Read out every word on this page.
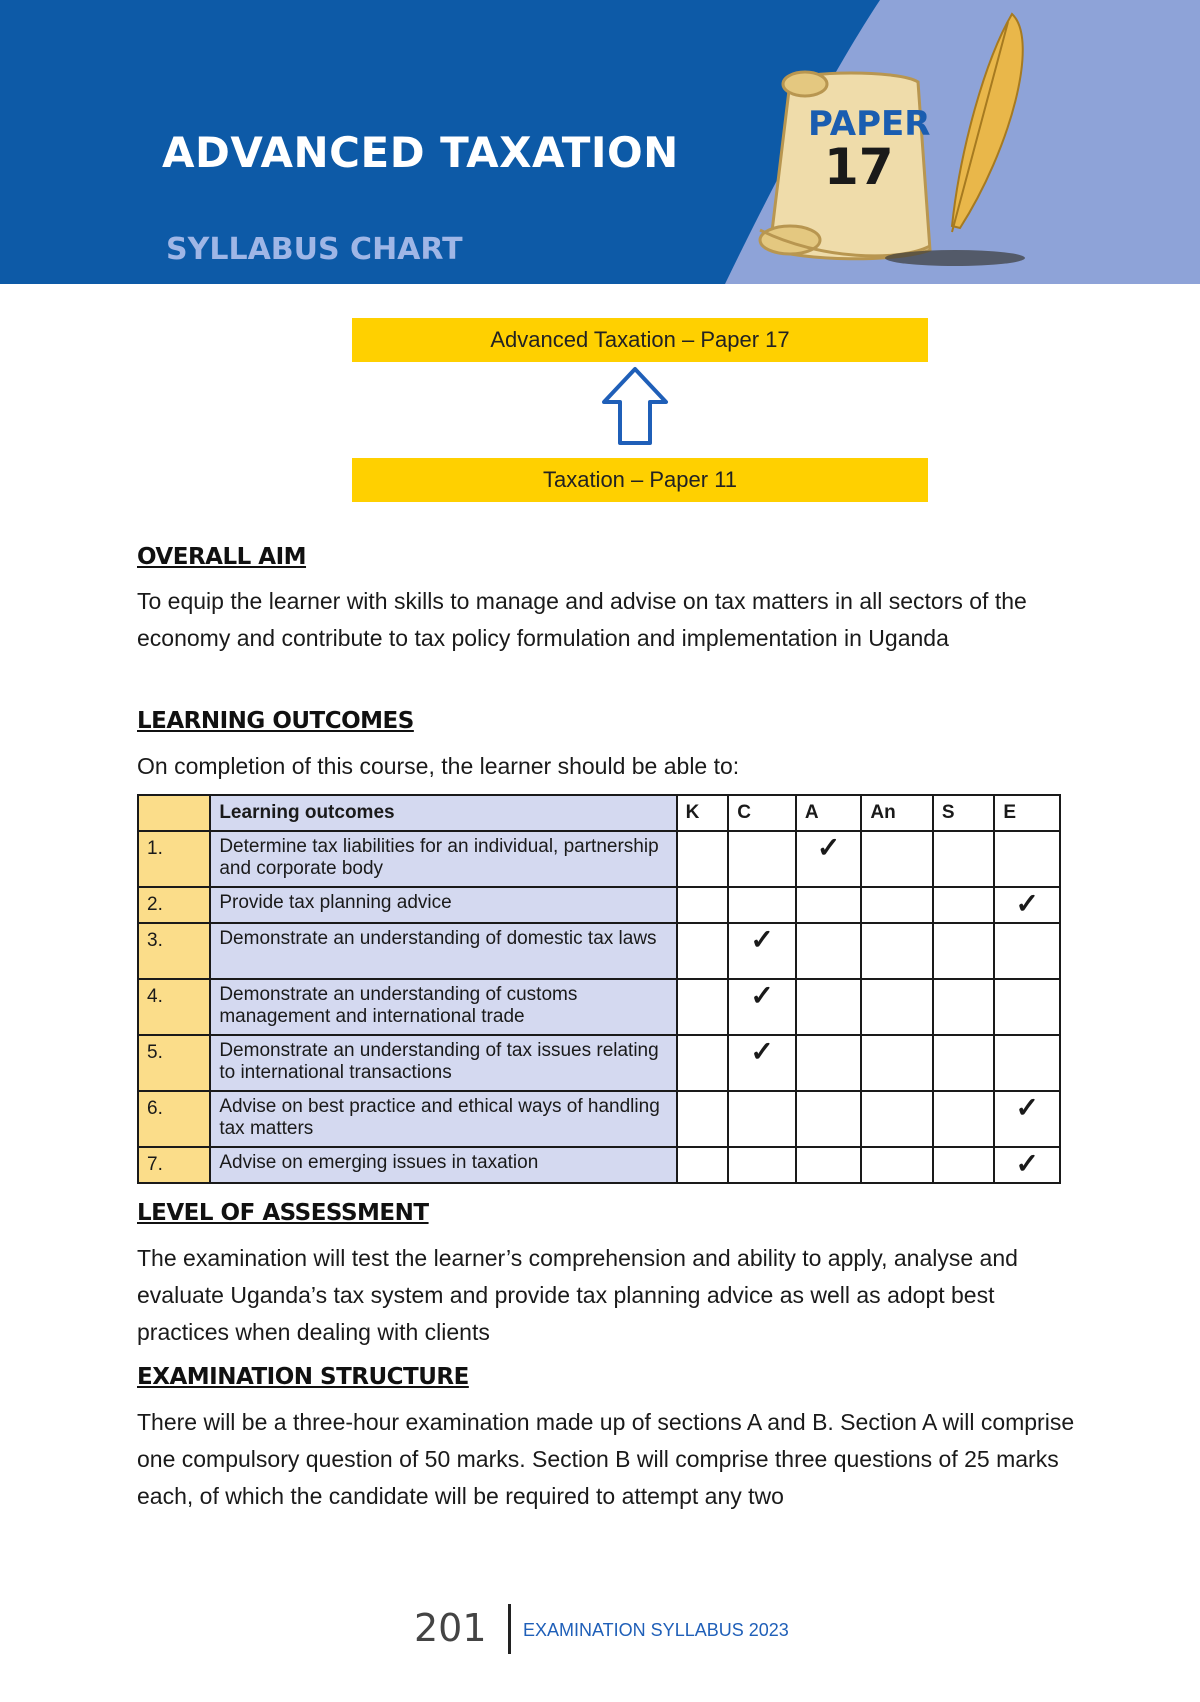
ADVANCED TAXATION
SYLLABUS CHART
PAPER
17
Advanced Taxation – Paper 17
Taxation – Paper 11
OVERALL AIM

To equip the learner with skills to manage and advise on tax matters in all sectors of the economy and contribute to tax policy formulation and implementation in Uganda

LEARNING OUTCOMES

On completion of this course, the learner should be able to:

	Learning outcomes	K	C	A	An	S	E
1.	Determine tax liabilities for an individual, partnership and corporate body			✓			
2.	Provide tax planning advice						✓
3.	Demonstrate an understanding of domestic tax laws		✓				
4.	Demonstrate an understanding of customs management and international trade		✓				
5.	Demonstrate an understanding of tax issues relating to international transactions		✓				
6.	Advise on best practice and ethical ways of handling tax matters						✓
7.	Advise on emerging issues in taxation						✓
LEVEL OF ASSESSMENT

The examination will test the learner’s comprehension and ability to apply, analyse and evaluate Uganda’s tax system and provide tax planning advice as well as adopt best practices when dealing with clients

EXAMINATION STRUCTURE

There will be a three-hour examination made up of sections A and B. Section A will comprise one compulsory question of 50 marks. Section B will comprise three questions of 25 marks each, of which the candidate will be required to attempt any two

201 EXAMINATION SYLLABUS 2023
